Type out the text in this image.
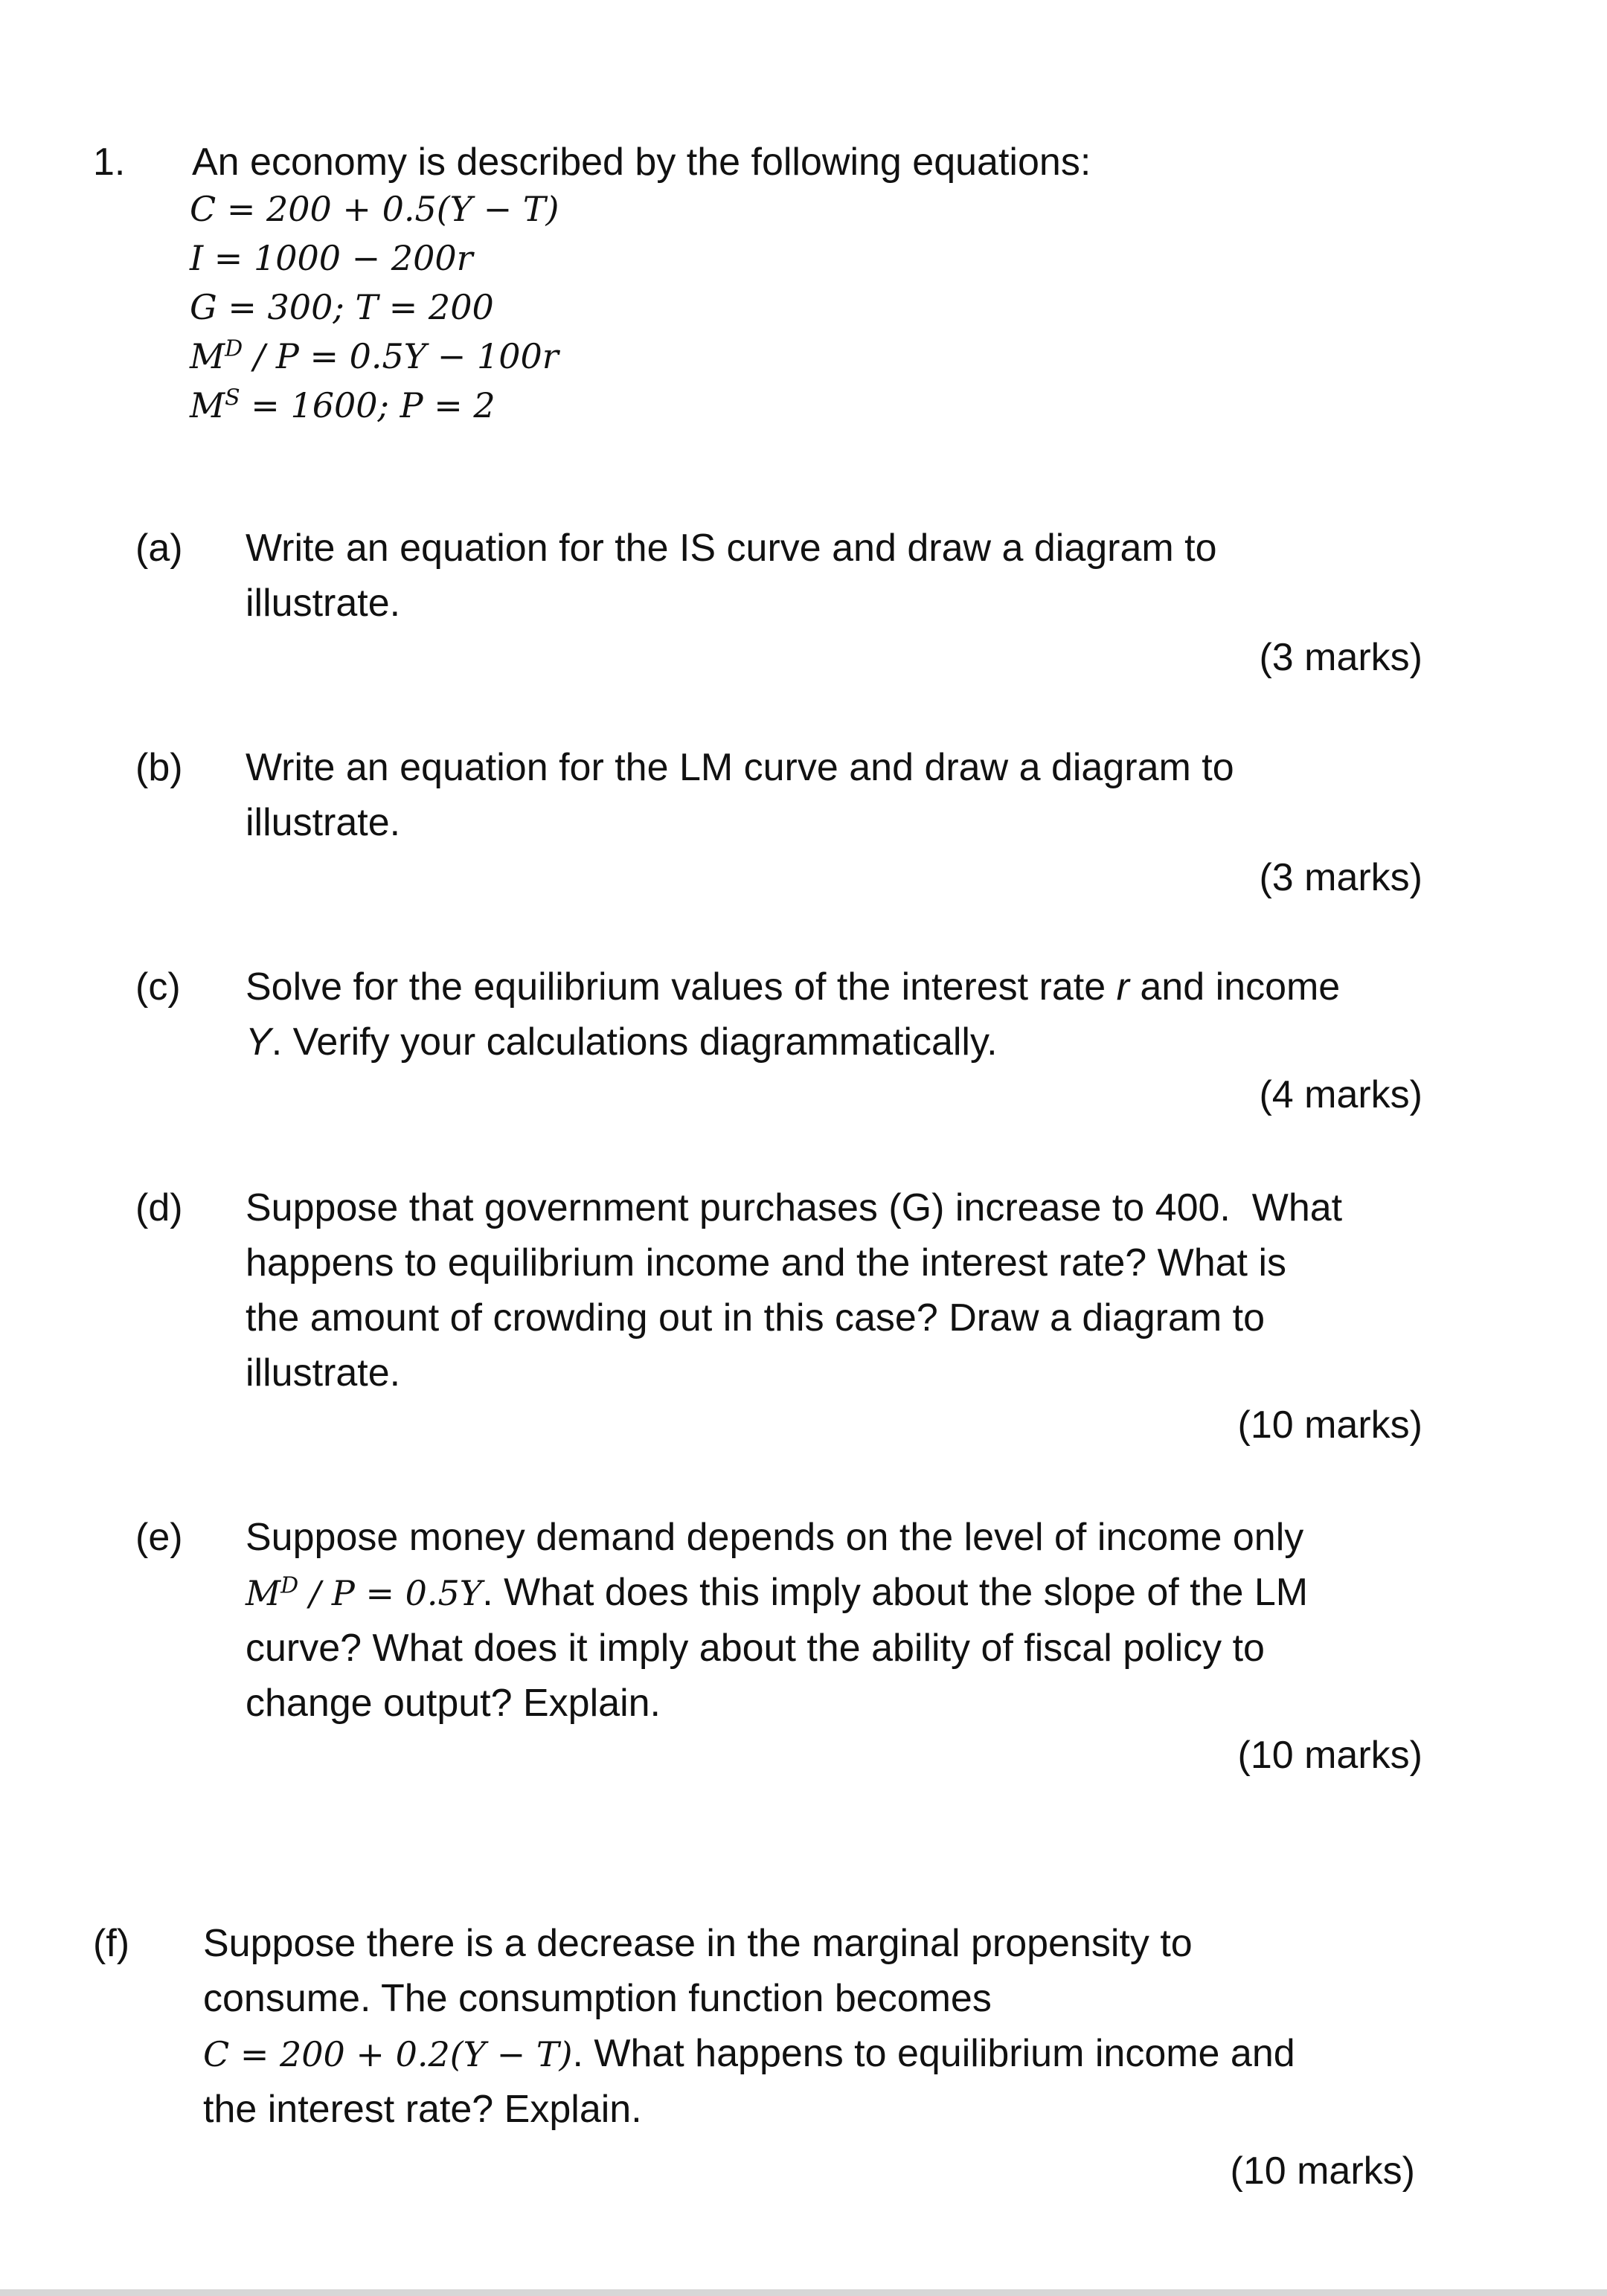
1. An economy is described by the following equations:
C = 200 + 0.5(Y − T)
I = 1000 − 200r
G = 300; T = 200
$M^D / P = 0.5Y - 100r$
$M^S = 1600$; P = 2
(a) Write an equation for the IS curve and draw a diagram to
illustrate.
(3 marks)
(b) Write an equation for the LM curve and draw a diagram to
illustrate.
(3 marks)
(c) Solve for the equilibrium values of the interest rate r and income
Y. Verify your calculations diagrammatically.
(4 marks)
(d) Suppose that government purchases (G) increase to 400.  What
happens to equilibrium income and the interest rate? What is
the amount of crowding out in this case? Draw a diagram to
illustrate.
(10 marks)
(e) Suppose money demand depends on the level of income only
$M^D / P = 0.5Y$. What does this imply about the slope of the LM
curve? What does it imply about the ability of fiscal policy to
change output? Explain.
(10 marks)
(f) Suppose there is a decrease in the marginal propensity to
consume. The consumption function becomes
C = 200 + 0.2(Y − T). What happens to equilibrium income and
the interest rate? Explain.
(10 marks)
